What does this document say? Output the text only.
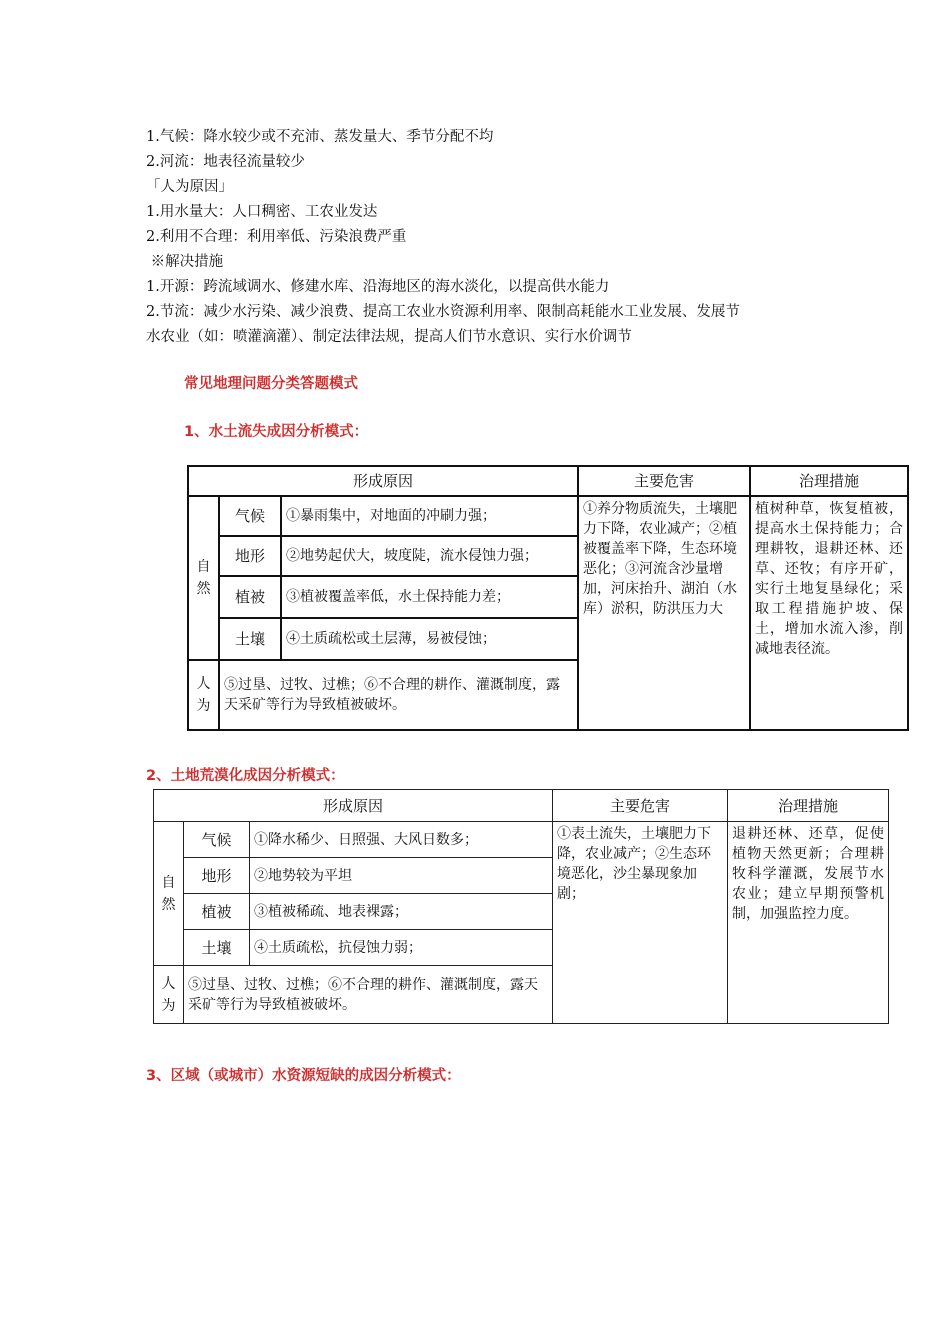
1.气候：降水较少或不充沛、蒸发量大、季节分配不均
2.河流：地表径流量较少
「人为原因」
1.用水量大：人口稠密、工农业发达
2.利用不合理：利用率低、污染浪费严重
※解决措施
1.开源：跨流域调水、修建水库、沿海地区的海水淡化，以提高供水能力
2.节流：减少水污染、减少浪费、提高工农业水资源利用率、限制高耗能水工业发展、发展节
水农业（如：喷灌滴灌）、制定法律法规，提高人们节水意识、实行水价调节
常见地理问题分类答题模式
1、水土流失成因分析模式：
形成原因			主要危害	治理措施
自然	气候	①暴雨集中，对地面的冲刷力强；	①养分物质流失，土壤肥力下降，农业减产；②植被覆盖率下降，生态环境恶化；③河流含沙量增加，河床抬升、湖泊（水库）淤积，防洪压力大	植树种草，恢复植被，提高水土保持能力；合理耕牧，退耕还林、还草、还牧；有序开矿，实行土地复垦绿化；采取工程措施护坡、保土，增加水流入渗，削减地表径流。
	地形	②地势起伏大，坡度陡，流水侵蚀力强；		
	植被	③植被覆盖率低，水土保持能力差；		
	土壤	④土质疏松或土层薄，易被侵蚀；		
人为	⑤过垦、过牧、过樵；⑥不合理的耕作、灌溉制度，露天采矿等行为导致植被破坏。			
2、土地荒漠化成因分析模式：
形成原因			主要危害	治理措施
自然	气候	①降水稀少、日照强、大风日数多；	①表土流失，土壤肥力下降，农业减产；②生态环境恶化，沙尘暴现象加剧；	退耕还林、还草，促使植物天然更新；合理耕牧科学灌溉，发展节水农业；建立早期预警机制，加强监控力度。
	地形	②地势较为平坦		
	植被	③植被稀疏、地表裸露；		
	土壤	④土质疏松，抗侵蚀力弱；		
人为	⑤过垦、过牧、过樵；⑥不合理的耕作、灌溉制度，露天采矿等行为导致植被破坏。			
3、区域（或城市）水资源短缺的成因分析模式：
